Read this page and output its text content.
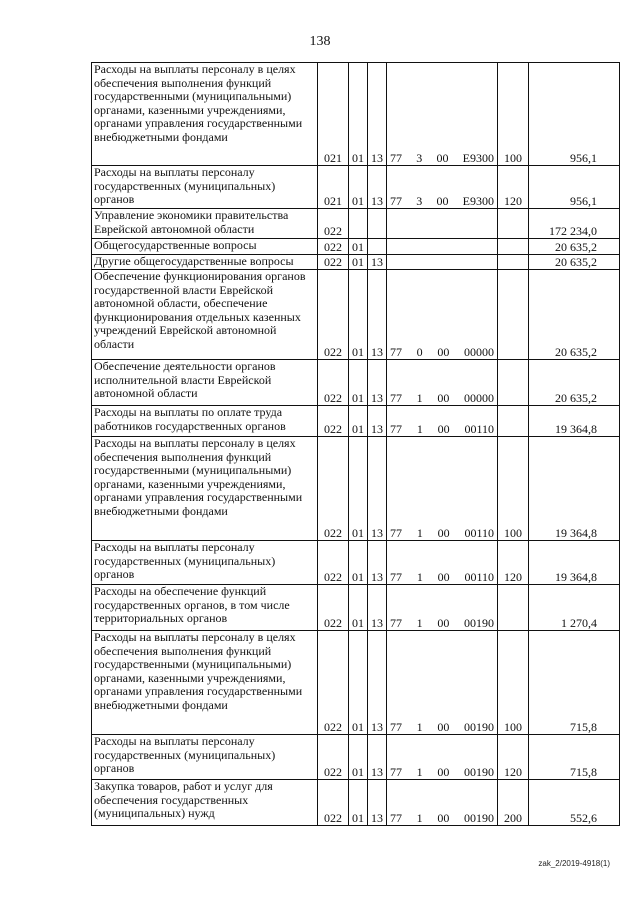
138
Расходы на выплаты персоналу в целях обеспечения выполнения функций государственными (муниципальными) органами, казенными учреждениями, органами управления государственными внебюджетными фондами	021	01	13	77 3 00 Е9300	100	956,1
Расходы на выплаты персоналу государственных (муниципальных) органов	021	01	13	77 3 00 Е9300	120	956,1
Управление экономики правительства Еврейской автономной области	022					172 234,0
Общегосударственные вопросы	022	01				20 635,2
Другие общегосударственные вопросы	022	01	13			20 635,2
Обеспечение функционирования органов государственной власти Еврейской автономной области, обеспечение функционирования отдельных казенных учреждений Еврейской автономной области	022	01	13	77 0 00 00000		20 635,2
Обеспечение деятельности органов исполнительной власти Еврейской автономной области	022	01	13	77 1 00 00000		20 635,2
Расходы на выплаты по оплате труда работников государственных органов	022	01	13	77 1 00 00110		19 364,8
Расходы на выплаты персоналу в целях обеспечения выполнения функций государственными (муниципальными) органами, казенными учреждениями, органами управления государственными внебюджетными фондами	022	01	13	77 1 00 00110	100	19 364,8
Расходы на выплаты персоналу государственных (муниципальных) органов	022	01	13	77 1 00 00110	120	19 364,8
Расходы на обеспечение функций государственных органов, в том числе территориальных органов	022	01	13	77 1 00 00190		1 270,4
Расходы на выплаты персоналу в целях обеспечения выполнения функций государственными (муниципальными) органами, казенными учреждениями, органами управления государственными внебюджетными фондами	022	01	13	77 1 00 00190	100	715,8
Расходы на выплаты персоналу государственных (муниципальных) органов	022	01	13	77 1 00 00190	120	715,8
Закупка товаров, работ и услуг для обеспечения государственных (муниципальных) нужд	022	01	13	77 1 00 00190	200	552,6
zak_2/2019-4918(1)
